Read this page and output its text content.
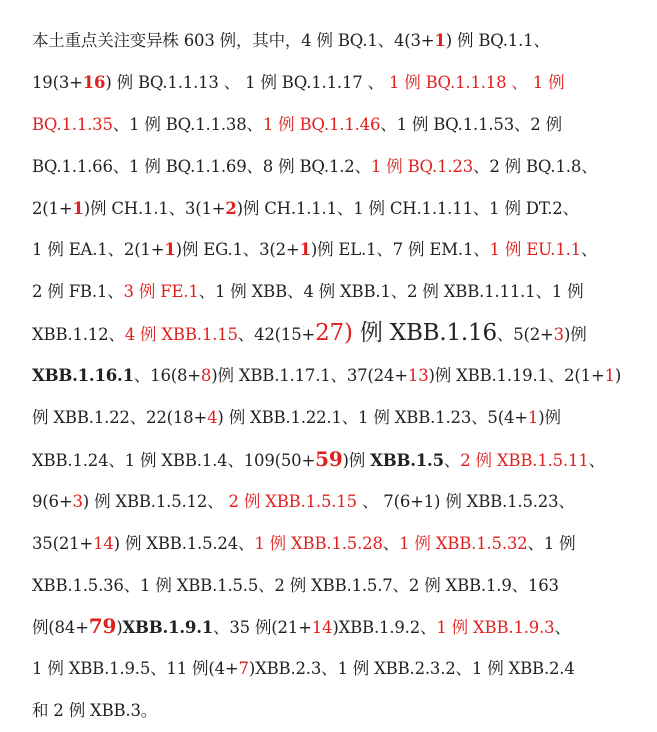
本土重点关注变异株 603 例，其中，4 例 BQ.1、4(3+1) 例 BQ.1.1、
19(3+16) 例 BQ.1.1.13 、 1 例 BQ.1.1.17 、 1 例 BQ.1.1.18 、 1 例
BQ.1.1.35、1 例 BQ.1.1.38、1 例 BQ.1.1.46、1 例 BQ.1.1.53、2 例
BQ.1.1.66、1 例 BQ.1.1.69、8 例 BQ.1.2、1 例 BQ.1.23、2 例 BQ.1.8、
2(1+1)例 CH.1.1、3(1+2)例 CH.1.1.1、1 例 CH.1.1.11、1 例 DT.2、
1 例 EA.1、2(1+1)例 EG.1、3(2+1)例 EL.1、7 例 EM.1、1 例 EU.1.1、
2 例 FB.1、3 例 FE.1、1 例 XBB、4 例 XBB.1、2 例 XBB.1.11.1、1 例
XBB.1.12、4 例 XBB.1.15、42(15+27) 例 XBB.1.16、5(2+3)例
XBB.1.16.1、16(8+8)例 XBB.1.17.1、37(24+13)例 XBB.1.19.1、2(1+1)
例 XBB.1.22、22(18+4) 例 XBB.1.22.1、1 例 XBB.1.23、5(4+1)例
XBB.1.24、1 例 XBB.1.4、109(50+59)例 XBB.1.5、2 例 XBB.1.5.11、
9(6+3) 例 XBB.1.5.12、 2 例 XBB.1.5.15 、 7(6+1) 例 XBB.1.5.23、
35(21+14) 例 XBB.1.5.24、1 例 XBB.1.5.28、1 例 XBB.1.5.32、1 例
XBB.1.5.36、1 例 XBB.1.5.5、2 例 XBB.1.5.7、2 例 XBB.1.9、163
例(84+79)XBB.1.9.1、35 例(21+14)XBB.1.9.2、1 例 XBB.1.9.3、
1 例 XBB.1.9.5、11 例(4+7)XBB.2.3、1 例 XBB.2.3.2、1 例 XBB.2.4
和 2 例 XBB.3。
